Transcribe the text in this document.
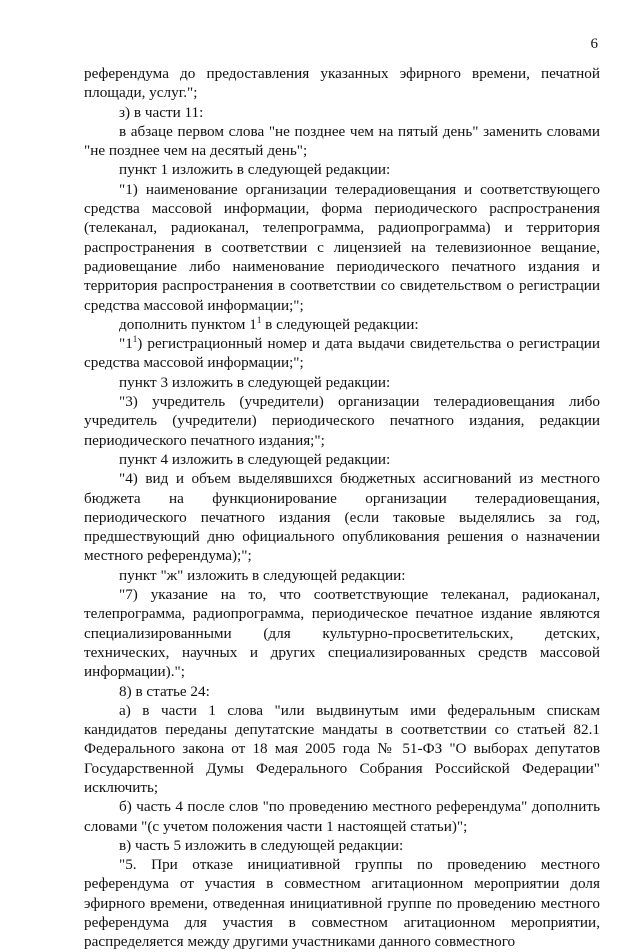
6

референдума до предоставления указанных эфирного времени, печатной площади, услуг.";

з) в части 11:

в абзаце первом слова "не позднее чем на пятый день" заменить словами "не позднее чем на десятый день";

пункт 1 изложить в следующей редакции:

"1) наименование организации телерадиовещания и соответствующего средства массовой информации, форма периодического распространения (телеканал, радиоканал, телепрограмма, радиопрограмма) и территория распространения в соответствии с лицензией на телевизионное вещание, радиовещание либо наименование периодического печатного издания и территория распространения в соответствии со свидетельством о регистрации средства массовой информации;";

дополнить пунктом $1^1$ в следующей редакции:

"$1^1$) регистрационный номер и дата выдачи свидетельства о регистрации средства массовой информации;";

пункт 3 изложить в следующей редакции:

"3) учредитель (учредители) организации телерадиовещания либо учредитель (учредители) периодического печатного издания, редакции периодического печатного издания;";

пункт 4 изложить в следующей редакции:

"4) вид и объем выделявшихся бюджетных ассигнований из местного бюджета на функционирование организации телерадиовещания, периодического печатного издания (если таковые выделялись за год, предшествующий дню официального опубликования решения о назначении местного референдума);";

пункт "ж" изложить в следующей редакции:

"7) указание на то, что соответствующие телеканал, радиоканал, телепрограмма, радиопрограмма, периодическое печатное издание являются специализированными (для культурно-просветительских, детских, технических, научных и других специализированных средств массовой информации).";

8) в статье 24:

а) в части 1 слова "или выдвинутым ими федеральным спискам кандидатов переданы депутатские мандаты в соответствии со статьей 82.1 Федерального закона от 18 мая 2005 года № 51-ФЗ "О выборах депутатов Государственной Думы Федерального Собрания Российской Федерации" исключить;

б) часть 4 после слов "по проведению местного референдума" дополнить словами "(с учетом положения части 1 настоящей статьи)";

в) часть 5 изложить в следующей редакции:

"5. При отказе инициативной группы по проведению местного референдума от участия в совместном агитационном мероприятии доля эфирного времени, отведенная инициативной группе по проведению местного референдума для участия в совместном агитационном мероприятии, распределяется между другими участниками данного совместного
